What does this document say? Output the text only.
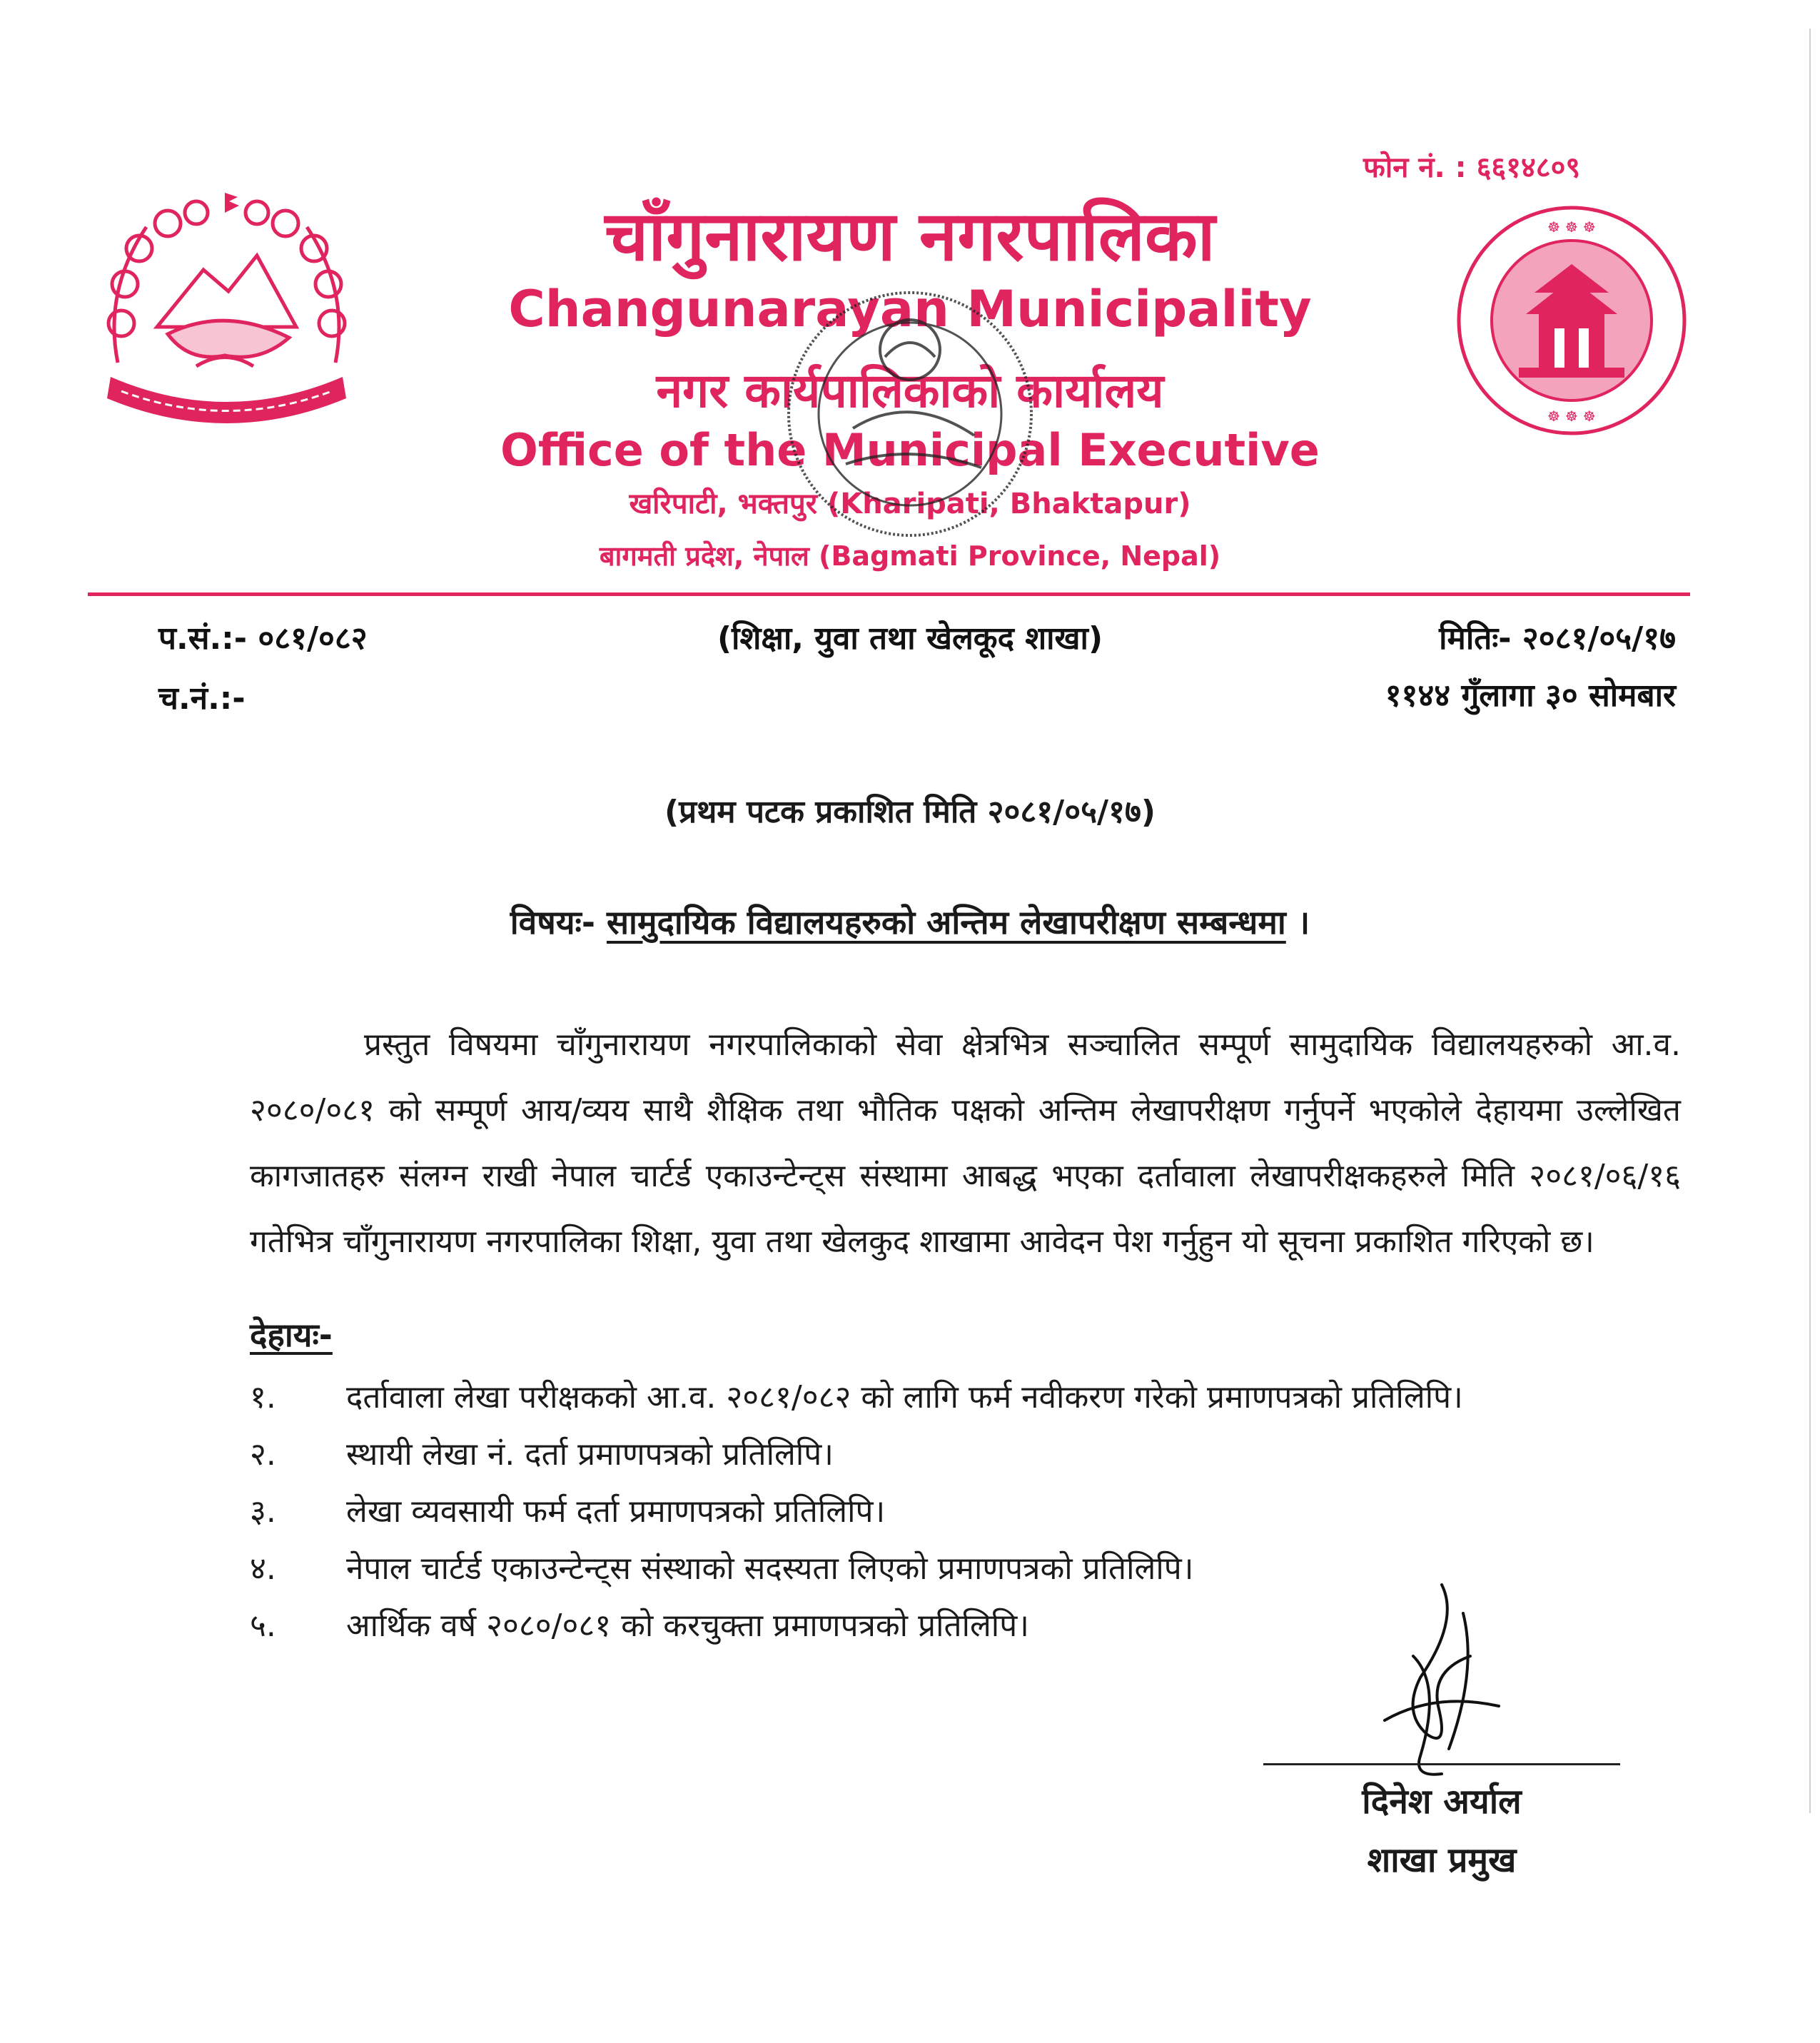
फोन नं. : ६६१४८०९
चाँगुनारायण नगरपालिका
Changunarayan Municipality
नगर कार्यपालिकाको कार्यालय
Office of the Municipal Executive
खरिपाटी, भक्तपुर (Kharipati, Bhaktapur)
बागमती प्रदेश, नेपाल (Bagmati Province, Nepal)
☸ ☸ ☸
☸ ☸ ☸
प.सं.:- ०८१/०८२
च.नं.:-
(शिक्षा, युवा तथा खेलकूद शाखा)	मितिः- २०८१/०५/१७
११४४ गुँलागा ३० सोमबार
(प्रथम पटक प्रकाशित मिति २०८१/०५/१७)
विषयः- सामुदायिक विद्यालयहरुको अन्तिम लेखापरीक्षण सम्बन्धमा ।
प्रस्तुत विषयमा चाँगुनारायण नगरपालिकाको सेवा क्षेत्रभित्र सञ्चालित सम्पूर्ण सामुदायिक विद्यालयहरुको आ.व. २०८०/०८१ को सम्पूर्ण आय/व्यय साथै शैक्षिक तथा भौतिक पक्षको अन्तिम लेखापरीक्षण गर्नुपर्ने भएकोले देहायमा उल्लेखित कागजातहरु संलग्न राखी नेपाल चार्टर्ड एकाउन्टेन्ट्स संस्थामा आबद्ध भएका दर्तावाला लेखापरीक्षकहरुले मिति २०८१/०६/१६ गतेभित्र चाँगुनारायण नगरपालिका शिक्षा, युवा तथा खेलकुद शाखामा आवेदन पेश गर्नुहुन यो सूचना प्रकाशित गरिएको छ।
देहायः-
१.	दर्तावाला लेखा परीक्षकको आ.व. २०८१/०८२ को लागि फर्म नवीकरण गरेको प्रमाणपत्रको प्रतिलिपि।
२.	स्थायी लेखा नं. दर्ता प्रमाणपत्रको प्रतिलिपि।
३.	लेखा व्यवसायी फर्म दर्ता प्रमाणपत्रको प्रतिलिपि।
४.	नेपाल चार्टर्ड एकाउन्टेन्ट्स संस्थाको सदस्यता लिएको प्रमाणपत्रको प्रतिलिपि।
५.	आर्थिक वर्ष २०८०/०८१ को करचुक्ता प्रमाणपत्रको प्रतिलिपि।
दिनेश अर्याल
शाखा प्रमुख
